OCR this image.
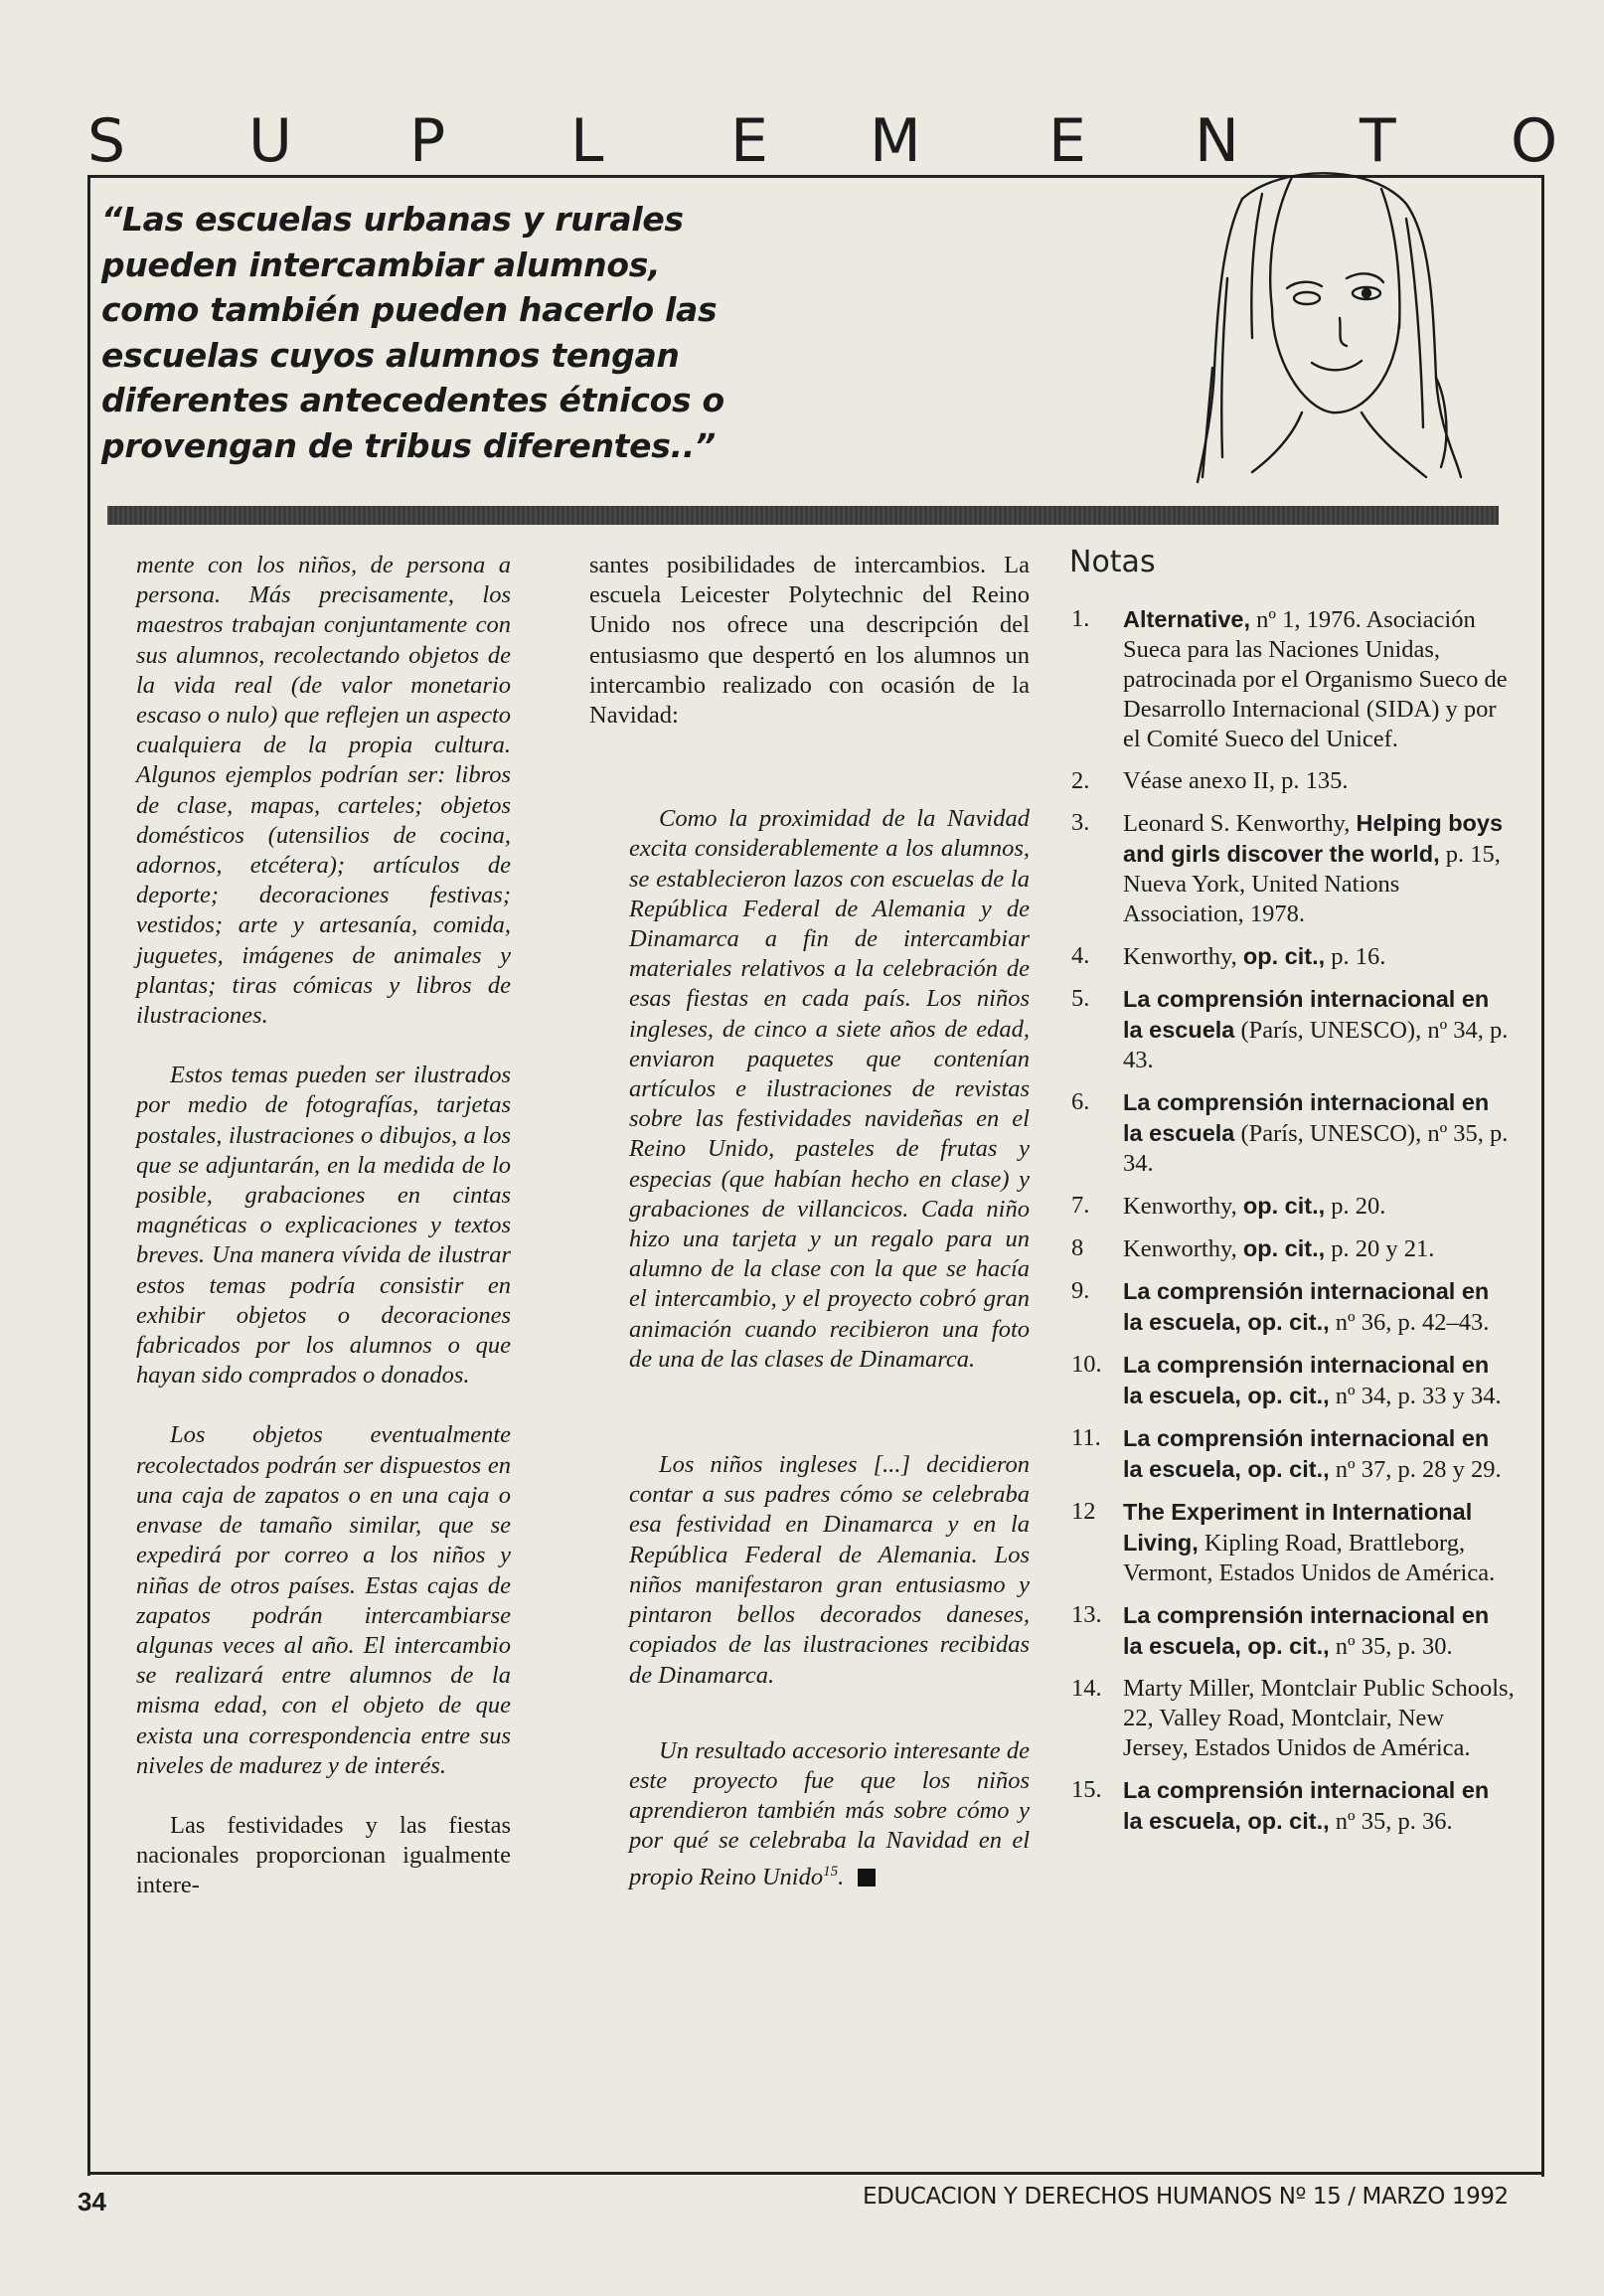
S U P L E M E N T O
“Las escuelas urbanas y rurales pueden intercambiar alumnos, como también pueden hacerlo las escuelas cuyos alumnos tengan diferentes antecedentes étnicos o provengan de tribus diferentes..”

mente con los niños, de persona a persona. Más precisamente, los maestros trabajan conjuntamente con sus alumnos, recolectando objetos de la vida real (de valor monetario escaso o nulo) que reflejen un aspecto cualquiera de la propia cultura. Algunos ejemplos podrían ser: libros de clase, mapas, carteles; objetos domésticos (utensilios de cocina, adornos, etcétera); artículos de deporte; decoraciones festivas; vestidos; arte y artesanía, comida, juguetes, imágenes de animales y plantas; tiras cómicas y libros de ilustraciones.

Estos temas pueden ser ilustrados por medio de fotografías, tarjetas postales, ilustraciones o dibujos, a los que se adjuntarán, en la medida de lo posible, grabaciones en cintas magnéticas o explicaciones y textos breves. Una manera vívida de ilustrar estos temas podría consistir en exhibir objetos o decoraciones fabricados por los alumnos o que hayan sido comprados o donados.

Los objetos eventualmente recolectados podrán ser dispuestos en una caja de zapatos o en una caja o envase de tamaño similar, que se expedirá por correo a los niños y niñas de otros países. Estas cajas de zapatos podrán intercambiarse algunas veces al año. El intercambio se realizará entre alumnos de la misma edad, con el objeto de que exista una correspondencia entre sus niveles de madurez y de interés.

Las festividades y las fiestas nacionales proporcionan igualmente intere-

santes posibilidades de intercambios. La escuela Leicester Polytechnic del Reino Unido nos ofrece una descripción del entusiasmo que despertó en los alumnos un intercambio realizado con ocasión de la Navidad:

Como la proximidad de la Navidad excita considerablemente a los alumnos, se establecieron lazos con escuelas de la República Federal de Alemania y de Dinamarca a fin de intercambiar materiales relativos a la celebración de esas fiestas en cada país. Los niños ingleses, de cinco a siete años de edad, enviaron paquetes que contenían artículos e ilustraciones de revistas sobre las festividades navideñas en el Reino Unido, pasteles de frutas y especias (que habían hecho en clase) y grabaciones de villancicos. Cada niño hizo una tarjeta y un regalo para un alumno de la clase con la que se hacía el intercambio, y el proyecto cobró gran animación cuando recibieron una foto de una de las clases de Dinamarca.

Los niños ingleses [...] decidieron contar a sus padres cómo se celebraba esa festividad en Dinamarca y en la República Federal de Alemania. Los niños manifestaron gran entusiasmo y pintaron bellos decorados daneses, copiados de las ilustraciones recibidas de Dinamarca.

Un resultado accesorio interesante de este proyecto fue que los niños aprendieron también más sobre cómo y por qué se celebraba la Navidad en el propio Reino Unido$^{15}$.

Notas
1. Alternative, nº 1, 1976. Asociación Sueca para las Naciones Unidas, patrocinada por el Organismo Sueco de Desarrollo Internacional (SIDA) y por el Comité Sueco del Unicef.
2. Véase anexo II, p. 135.
3. Leonard S. Kenworthy, Helping boys and girls discover the world, p. 15, Nueva York, United Nations Association, 1978.
4. Kenworthy, op. cit., p. 16.
5. La comprensión internacional en la escuela (París, UNESCO), nº 34, p. 43.
6. La comprensión internacional en la escuela (París, UNESCO), nº 35, p. 34.
7. Kenworthy, op. cit., p. 20.
8 Kenworthy, op. cit., p. 20 y 21.
9. La comprensión internacional en la escuela, op. cit., nº 36, p. 42–43.
10. La comprensión internacional en la escuela, op. cit., nº 34, p. 33 y 34.
11. La comprensión internacional en la escuela, op. cit., nº 37, p. 28 y 29.
12 The Experiment in International Living, Kipling Road, Brattleborg, Vermont, Estados Unidos de América.
13. La comprensión internacional en la escuela, op. cit., nº 35, p. 30.
14. Marty Miller, Montclair Public Schools, 22, Valley Road, Montclair, New Jersey, Estados Unidos de América.
15. La comprensión internacional en la escuela, op. cit., nº 35, p. 36.
34	EDUCACION Y DERECHOS HUMANOS Nº 15 / MARZO 1992
